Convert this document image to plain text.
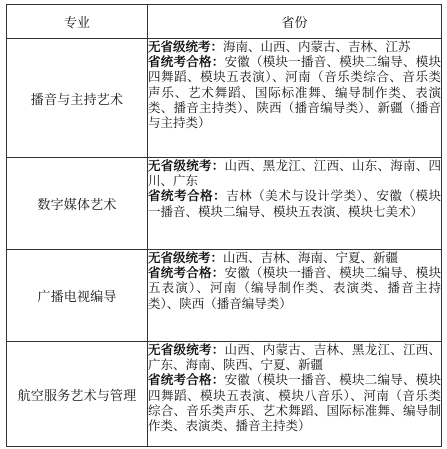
专业	省份
播音与主持艺术	无省级统考：海南、山西、内蒙古、吉林、江苏
省统考合格：安徽（模块一播音、模块二编导、模块四舞蹈、模块五表演）、河南（音乐类综合、音乐类声乐、艺术舞蹈、国际标准舞、编导制作类、表演类、播音主持类）、陕西（播音编导类）、新疆（播音与主持类）

数字媒体艺术	无省级统考：山西、黑龙江、江西、山东、海南、四川、广东
省统考合格：吉林（美术与设计学类）、安徽（模块一播音、模块二编导、模块五表演、模块七美术）

广播电视编导	无省级统考：山西、吉林、海南、宁夏、新疆
省统考合格：安徽（模块一播音、模块二编导、模块五表演）、河南（编导制作类、表演类、播音主持类）、陕西（播音编导类）

航空服务艺术与管理	无省级统考：山西、内蒙古、吉林、黑龙江、江西、广东、海南、陕西、宁夏、新疆
省统考合格：安徽（模块一播音、模块二编导、模块四舞蹈、模块五表演、模块八音乐）、河南（音乐类综合、音乐类声乐、艺术舞蹈、国际标准舞、编导制作类、表演类、播音主持类）
